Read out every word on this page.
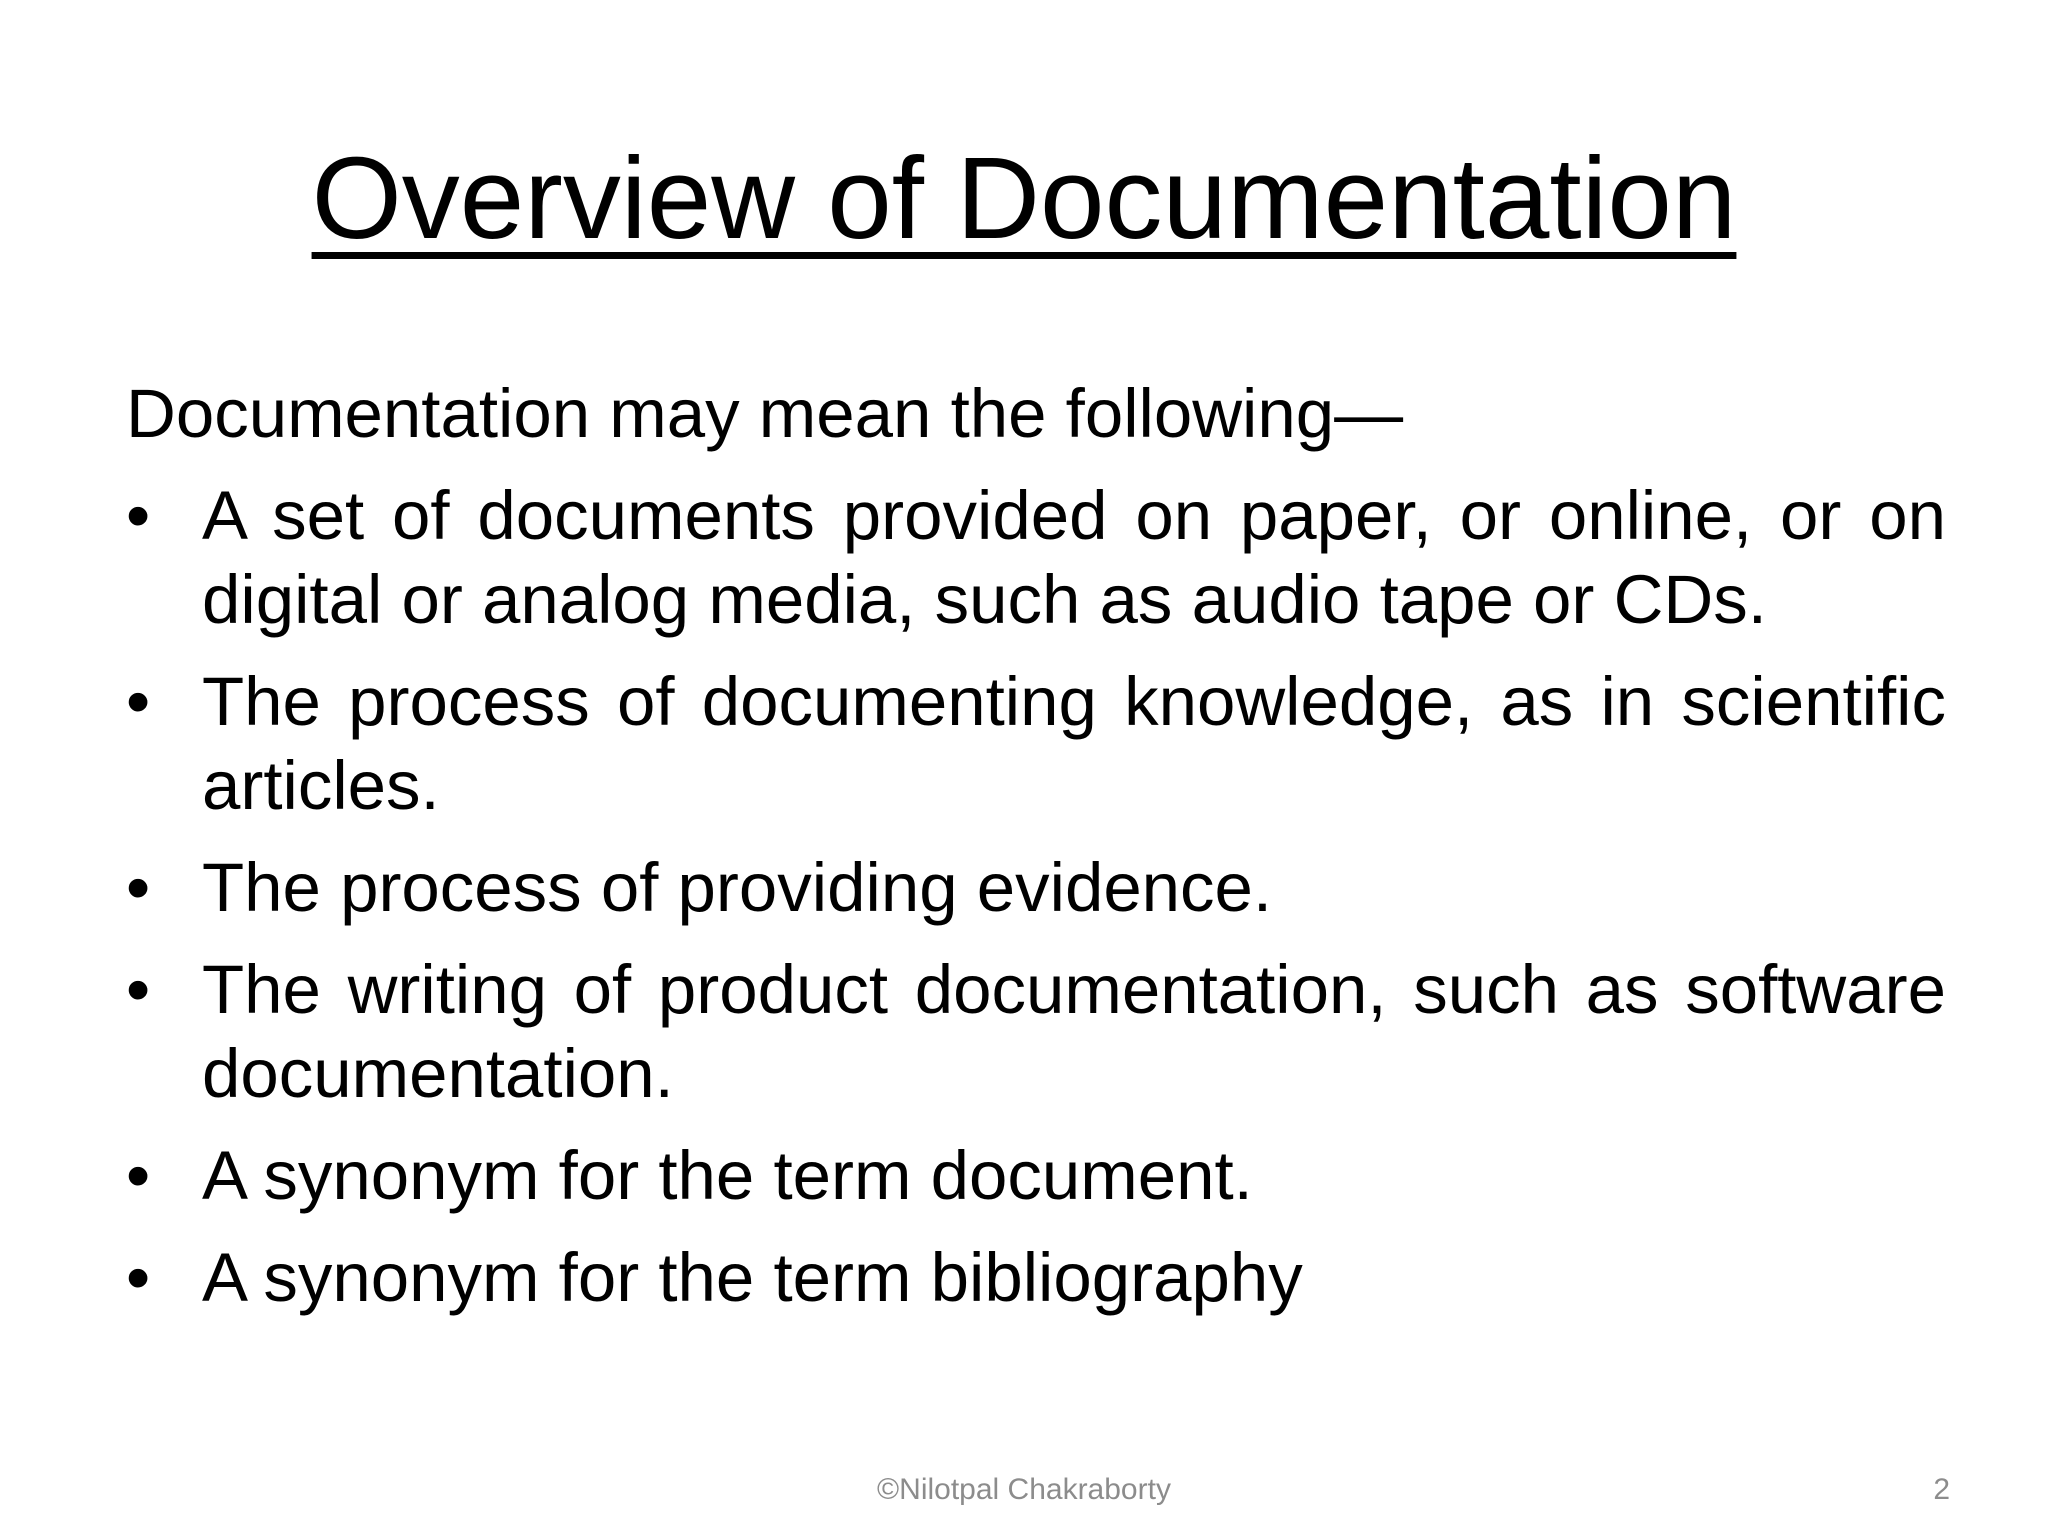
Overview of Documentation

Documentation may mean the following—

• A set of documents provided on paper, or online, or on digital or analog media, such as audio tape or CDs.
• The process of documenting knowledge, as in scientific articles.
• The process of providing evidence.
• The writing of product documentation, such as software documentation.
• A synonym for the term document.
• A synonym for the term bibliography
©Nilotpal Chakraborty	2
